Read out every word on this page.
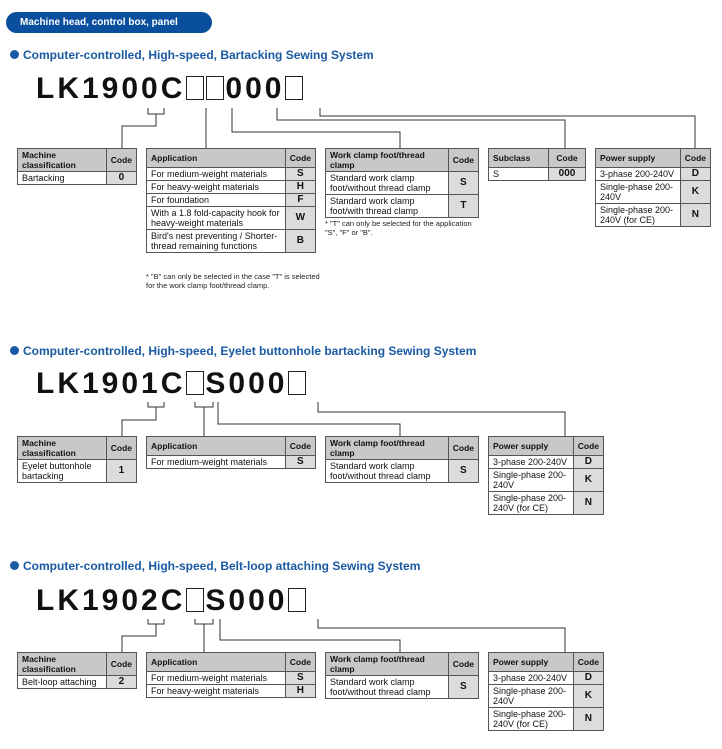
Machine head, control box, panel
Computer-controlled, High-speed, Bartacking Sewing System
LK1900C 000
Computer-controlled, High-speed, Eyelet buttonhole bartacking Sewing System
LK1901C S000
Computer-controlled, High-speed, Belt-loop attaching Sewing System
LK1902C S000
Machine classification	Code
Bartacking	0
Application	Code
For medium-weight materials	S
For heavy-weight materials	H
For foundation	F
With a 1.8 fold-capacity hook for heavy-weight materials	W
Bird's nest preventing / Shorter-thread remaining functions	B
* "B" can only be selected in the case "T" is selected for the work clamp foot/thread clamp.
Work clamp foot/thread clamp	Code
Standard work clamp foot/without thread clamp	S
Standard work clamp foot/with thread clamp	T
* "T" can only be selected for the application "S", "F" or "B".
Subclass	Code
S	000
Power supply	Code
3-phase 200-240V	D
Single-phase 200-240V	K
Single-phase 200-240V (for CE)	N
Machine classification	Code
Eyelet buttonhole bartacking	1
Application	Code
For medium-weight materials	S
Work clamp foot/thread clamp	Code
Standard work clamp foot/without thread clamp	S
Power supply	Code
3-phase 200-240V	D
Single-phase 200-240V	K
Single-phase 200-240V (for CE)	N
Machine classification	Code
Belt-loop attaching	2
Application	Code
For medium-weight materials	S
For heavy-weight materials	H
Work clamp foot/thread clamp	Code
Standard work clamp foot/without thread clamp	S
Power supply	Code
3-phase 200-240V	D
Single-phase 200-240V	K
Single-phase 200-240V (for CE)	N
